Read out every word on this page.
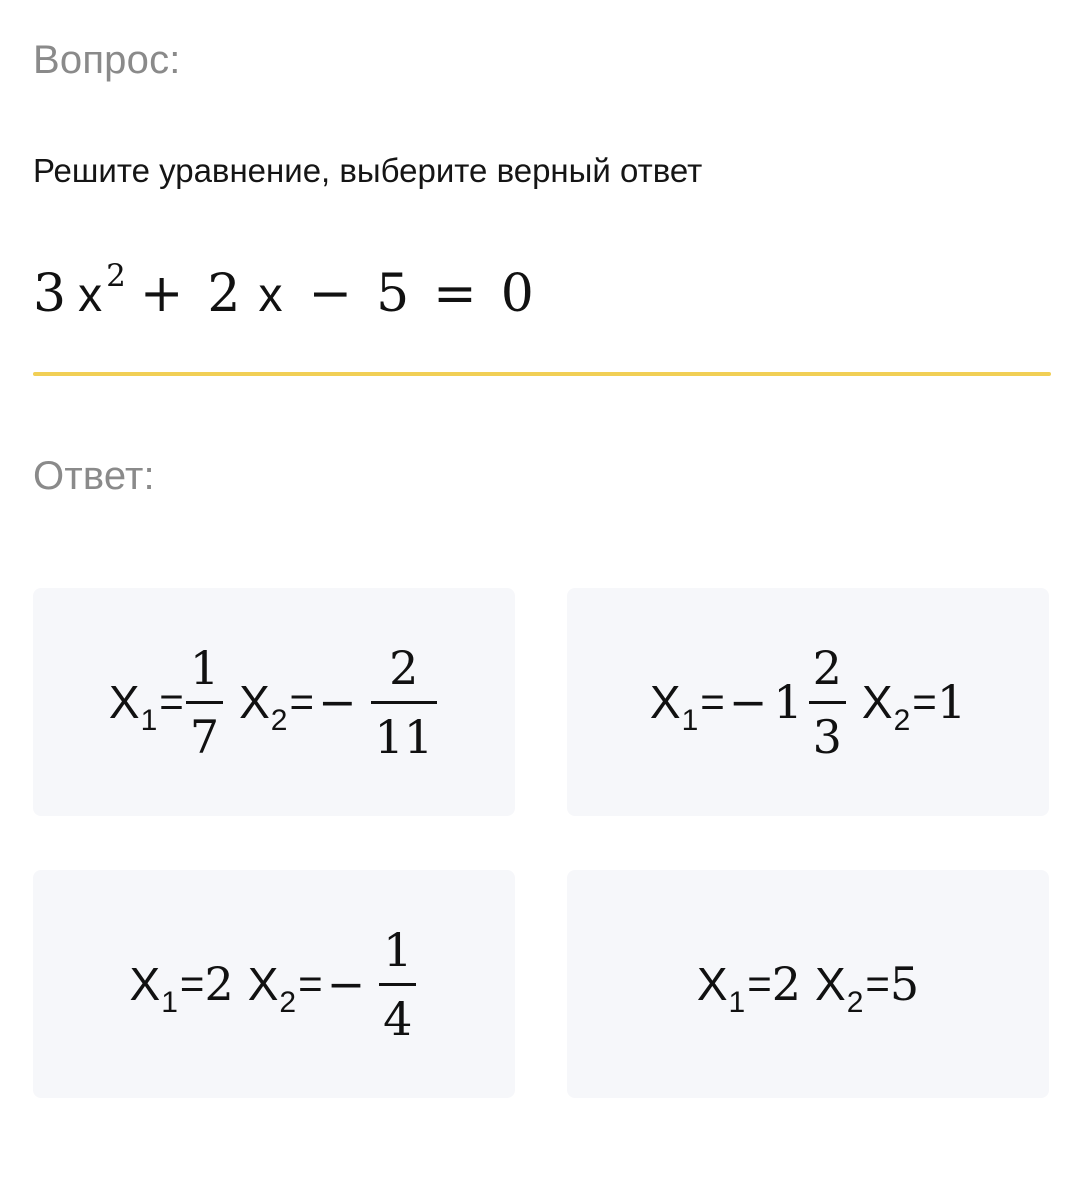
Вопрос:
Решите уравнение, выберите верный ответ
3 x 2 + 2 x − 5 = 0
Ответ:
X $1 = \frac{1}{7}$ X 2 = − $\frac{2}{11}$	X 1 = − $1 \frac{2}{3}$ X 2 = 1
X 1 = 2 X 2 = − $\frac{1}{4}$	X 1 = 2 X 2 = 5
